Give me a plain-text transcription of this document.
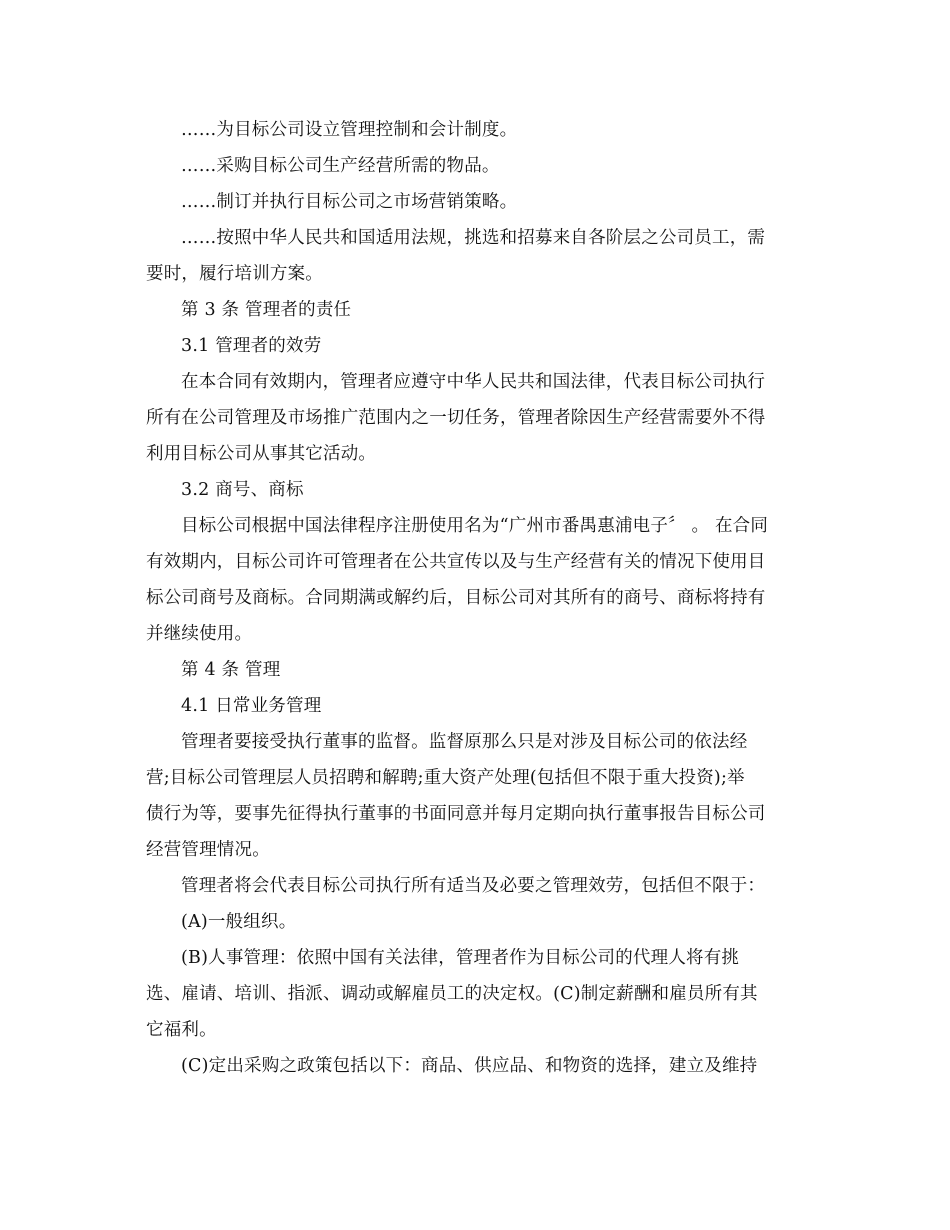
……为目标公司设立管理控制和会计制度。

……采购目标公司生产经营所需的物品。

……制订并执行目标公司之市场营销策略。

……按照中华人民共和国适用法规，挑选和招募来自各阶层之公司员工，需
要时，履行培训方案。

第 3 条 管理者的责任

3.1 管理者的效劳

在本合同有效期内，管理者应遵守中华人民共和国法律，代表目标公司执行
所有在公司管理及市场推广范围内之一切任务，管理者除因生产经营需要外不得
利用目标公司从事其它活动。

3.2 商号、商标

目标公司根据中国法律程序注册使用名为“广州市番禺惠浦电子〞 。 在合同
有效期内，目标公司许可管理者在公共宣传以及与生产经营有关的情况下使用目
标公司商号及商标。合同期满或解约后，目标公司对其所有的商号、商标将持有
并继续使用。

第 4 条 管理

4.1 日常业务管理

管理者要接受执行董事的监督。监督原那么只是对涉及目标公司的依法经
营;目标公司管理层人员招聘和解聘;重大资产处理(包括但不限于重大投资);举
债行为等，要事先征得执行董事的书面同意并每月定期向执行董事报告目标公司
经营管理情况。

管理者将会代表目标公司执行所有适当及必要之管理效劳，包括但不限于：

(A)一般组织。

(B)人事管理：依照中国有关法律，管理者作为目标公司的代理人将有挑
选、雇请、培训、指派、调动或解雇员工的决定权。(C)制定薪酬和雇员所有其
它福利。

(C)定出采购之政策包括以下：商品、供应品、和物资的选择，建立及维持
